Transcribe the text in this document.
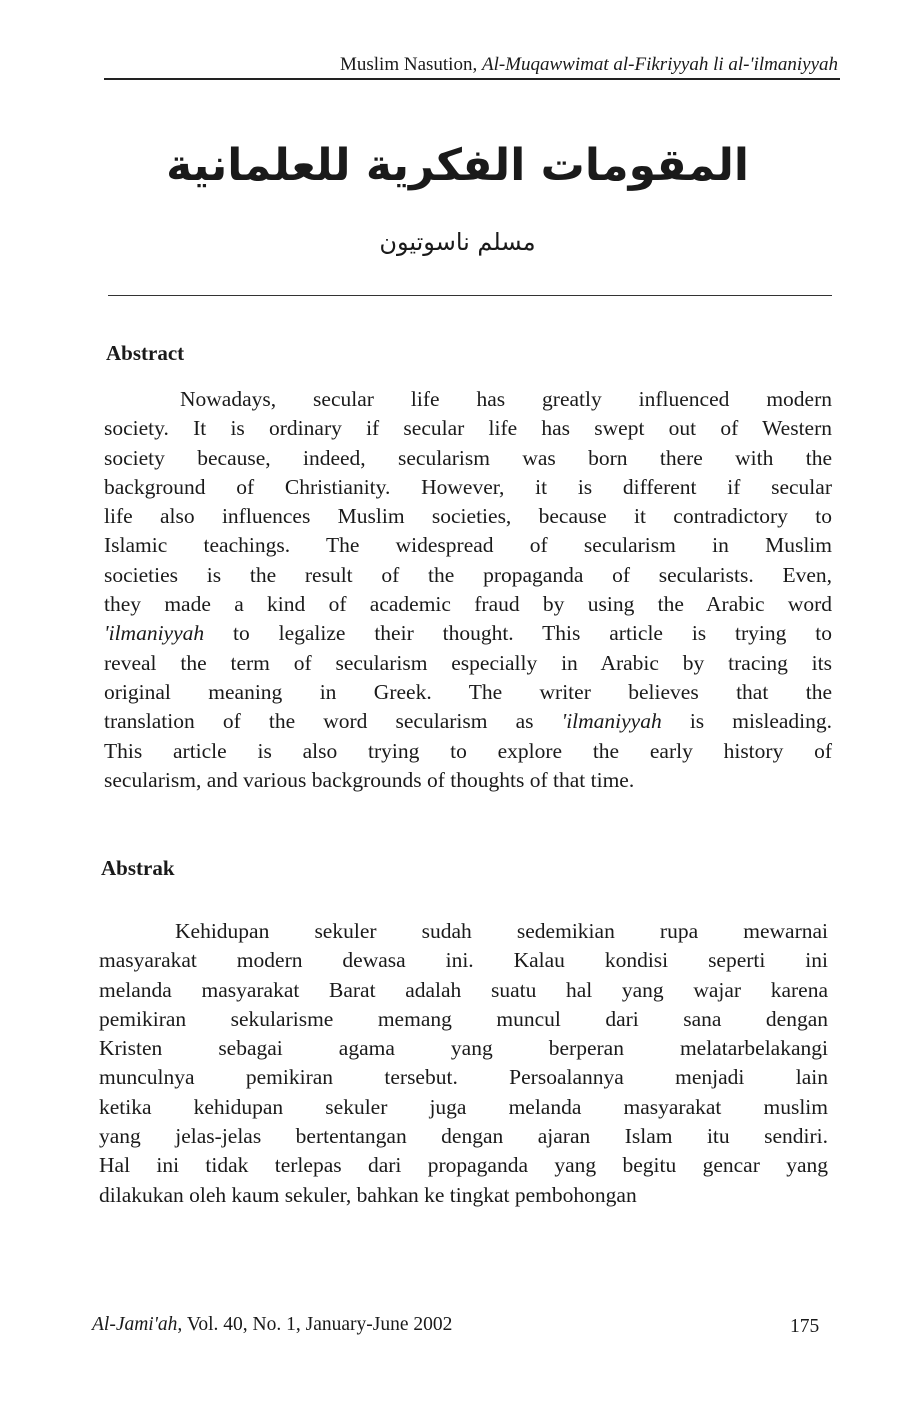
Muslim Nasution, Al-Muqawwimat al-Fikriyyah li al-'ilmaniyyah
المقومات الفكرية للعلمانية
مسلم ناسوتيون
Abstract
Nowadays, secular life has greatly influenced modern
society. It is ordinary if secular life has swept out of Western
society because, indeed, secularism was born there with the
background of Christianity. However, it is different if secular
life also influences Muslim societies, because it contradictory to
Islamic teachings. The widespread of secularism in Muslim
societies is the result of the propaganda of secularists. Even,
they made a kind of academic fraud by using the Arabic word
'ilmaniyyah to legalize their thought. This article is trying to
reveal the term of secularism especially in Arabic by tracing its
original meaning in Greek. The writer believes that the
translation of the word secularism as 'ilmaniyyah is misleading.
This article is also trying to explore the early history of
secularism, and various backgrounds of thoughts of that time.
Abstrak
Kehidupan sekuler sudah sedemikian rupa mewarnai
masyarakat modern dewasa ini. Kalau kondisi seperti ini
melanda masyarakat Barat adalah suatu hal yang wajar karena
pemikiran sekularisme memang muncul dari sana dengan
Kristen sebagai agama yang berperan melatarbelakangi
munculnya pemikiran tersebut. Persoalannya menjadi lain
ketika kehidupan sekuler juga melanda masyarakat muslim
yang jelas-jelas bertentangan dengan ajaran Islam itu sendiri.
Hal ini tidak terlepas dari propaganda yang begitu gencar yang
dilakukan oleh kaum sekuler, bahkan ke tingkat pembohongan
Al-Jami'ah, Vol. 40, No. 1, January-June 2002	175
